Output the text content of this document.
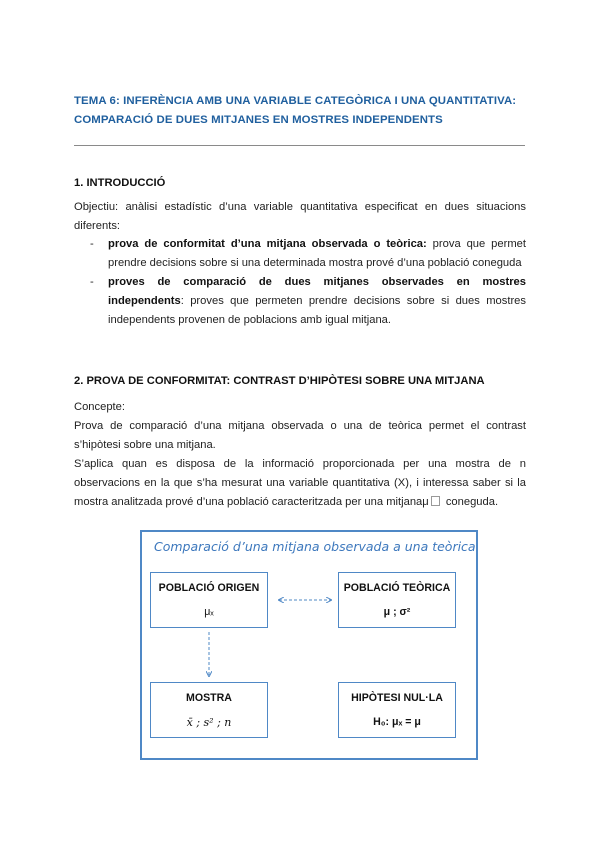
TEMA 6: INFERÈNCIA AMB UNA VARIABLE CATEGÒRICA I UNA QUANTITATIVA:
COMPARACIÓ DE DUES MITJANES EN MOSTRES INDEPENDENTS
1. INTRODUCCIÓ
Objectiu: anàlisi estadístic d’una variable quantitativa especificat en dues situacions diferents:
- prova de conformitat d’una mitjana observada o teòrica: prova que permet prendre decisions sobre si una determinada mostra prové d’una població coneguda
- proves de comparació de dues mitjanes observades en mostres independents: proves que permeten prendre decisions sobre si dues mostres independents provenen de poblacions amb igual mitjana.
2. PROVA DE CONFORMITAT: CONTRAST D’HIPÒTESI SOBRE UNA MITJANA
Concepte:
Prova de comparació d’una mitjana observada o una de teòrica permet el contrast s’hipòtesi sobre una mitjana.
S’aplica quan es disposa de la informació proporcionada per una mostra de n observacions en la que s’ha mesurat una variable quantitativa (X), i interessa saber si la mostra analitzada prové d’una població caracteritzada per una mitjanaμ coneguda.
Comparació d’una mitjana observada a una teòrica
POBLACIÓ ORIGEN
μₓ
POBLACIÓ TEÒRICA
μ ; σ²
MOSTRA
x̄ ; s² ; n
HIPÒTESI NUL·LA
H₀: μₓ = μ
